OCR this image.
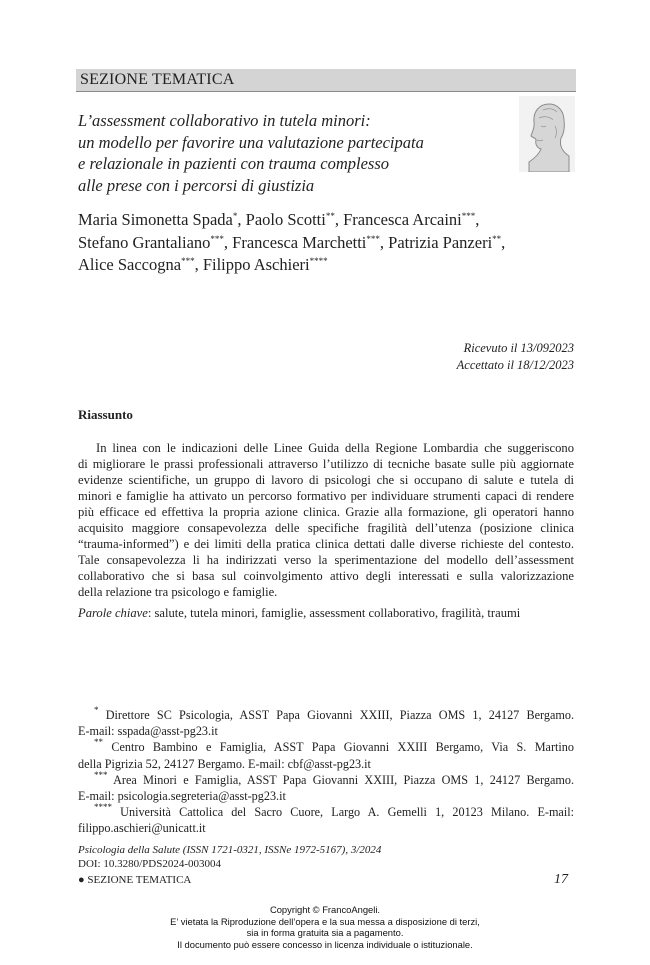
SEZIONE TEMATICA
L’assessment collaborativo in tutela minori:
un modello per favorire una valutazione partecipata
e relazionale in pazienti con trauma complesso
alle prese con i percorsi di giustizia
Maria Simonetta Spada*, Paolo Scotti**, Francesca Arcaini***,
Stefano Grantaliano***, Francesca Marchetti***, Patrizia Panzeri**,
Alice Saccogna***, Filippo Aschieri****
Ricevuto il 13/092023
Accettato il 18/12/2023
Riassunto
In linea con le indicazioni delle Linee Guida della Regione Lombardia che suggeriscono
di migliorare le prassi professionali attraverso l’utilizzo di tecniche basate sulle più aggiornate
evidenze scientifiche, un gruppo di lavoro di psicologi che si occupano di salute e tutela di
minori e famiglie ha attivato un percorso formativo per individuare strumenti capaci di rendere
più efficace ed effettiva la propria azione clinica. Grazie alla formazione, gli operatori hanno
acquisito maggiore consapevolezza delle specifiche fragilità dell’utenza (posizione clinica
“trauma-informed”) e dei limiti della pratica clinica dettati dalle diverse richieste del contesto.
Tale consapevolezza li ha indirizzati verso la sperimentazione del modello dell’assessment
collaborativo che si basa sul coinvolgimento attivo degli interessati e sulla valorizzazione
della relazione tra psicologo e famiglie.
Parole chiave: salute, tutela minori, famiglie, assessment collaborativo, fragilità, traumi
* Direttore SC Psicologia, ASST Papa Giovanni XXIII, Piazza OMS 1, 24127 Bergamo.
E-mail: sspada@asst-pg23.it
** Centro Bambino e Famiglia, ASST Papa Giovanni XXIII Bergamo, Via S. Martino
della Pigrizia 52, 24127 Bergamo. E-mail: cbf@asst-pg23.it
*** Area Minori e Famiglia, ASST Papa Giovanni XXIII, Piazza OMS 1, 24127 Bergamo.
E-mail: psicologia.segreteria@asst-pg23.it
**** Università Cattolica del Sacro Cuore, Largo A. Gemelli 1, 20123 Milano. E-mail:
filippo.aschieri@unicatt.it
Psicologia della Salute (ISSN 1721-0321, ISSNe 1972-5167), 3/2024
DOI: 10.3280/PDS2024-003004
● SEZIONE TEMATICA	17
Copyright © FrancoAngeli.
E’ vietata la Riproduzione dell’opera e la sua messa a disposizione di terzi,
sia in forma gratuita sia a pagamento.
Il documento può essere concesso in licenza individuale o istituzionale.
